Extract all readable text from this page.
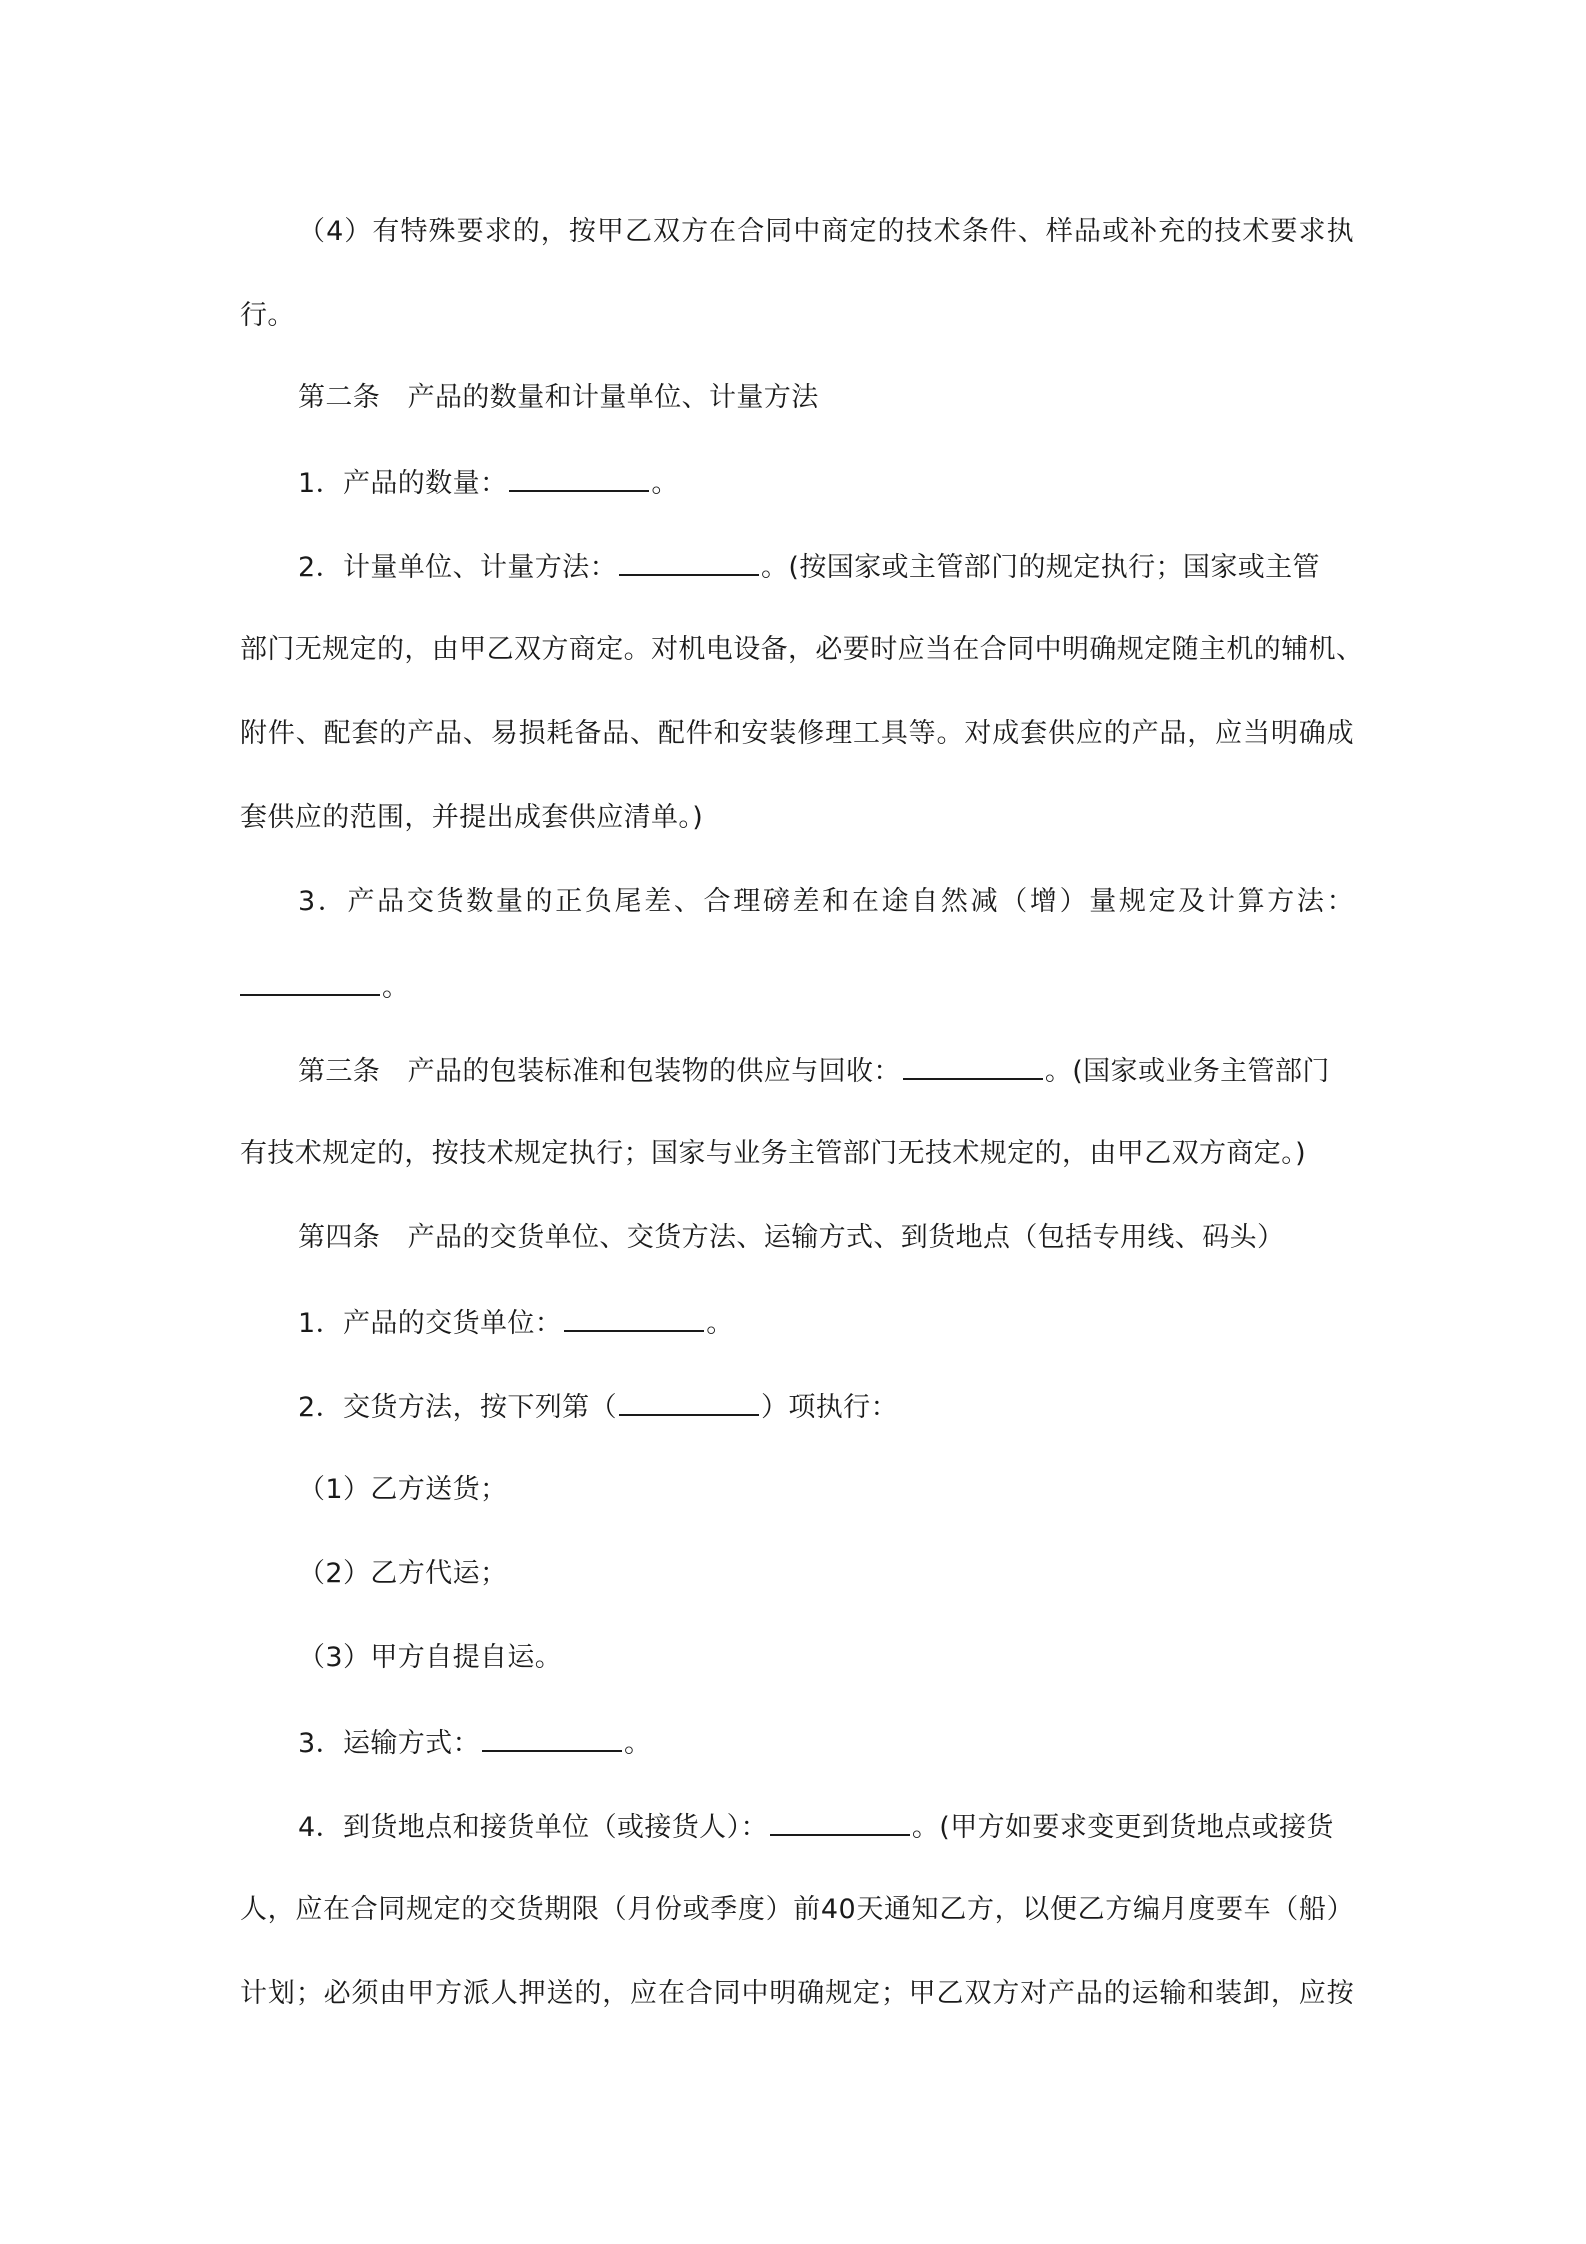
（4）有特殊要求的，按甲乙双方在合同中商定的技术条件、样品或补充的技术要求执
行。
第二条　产品的数量和计量单位、计量方法
1．产品的数量：	。
2．计量单位、计量方法：	。(按国家或主管部门的规定执行；国家或主管
部门无规定的，由甲乙双方商定。对机电设备，必要时应当在合同中明确规定随主机的辅机、
附件、配套的产品、易损耗备品、配件和安装修理工具等。对成套供应的产品，应当明确成
套供应的范围，并提出成套供应清单。)
3．产品交货数量的正负尾差、合理磅差和在途自然减（增）量规定及计算方法：
。
第三条　产品的包装标准和包装物的供应与回收：	。(国家或业务主管部门
有技术规定的，按技术规定执行；国家与业务主管部门无技术规定的，由甲乙双方商定。)
第四条　产品的交货单位、交货方法、运输方式、到货地点（包括专用线、码头）
1．产品的交货单位：	。
2．交货方法，按下列第（	）项执行：
（1）乙方送货；
（2）乙方代运；
（3）甲方自提自运。
3．运输方式：	。
4．到货地点和接货单位（或接货人）：	。(甲方如要求变更到货地点或接货
人，应在合同规定的交货期限（月份或季度）前40天通知乙方，以便乙方编月度要车（船）
计划；必须由甲方派人押送的，应在合同中明确规定；甲乙双方对产品的运输和装卸，应按
